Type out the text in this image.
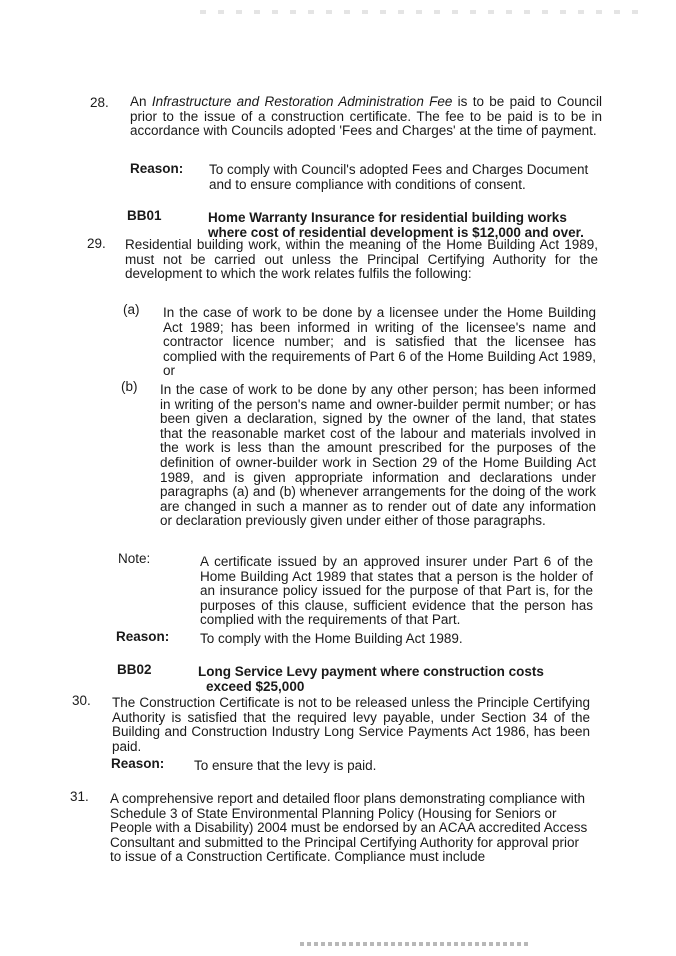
28. An Infrastructure and Restoration Administration Fee is to be paid to Council prior to the issue of a construction certificate. The fee to be paid is to be in accordance with Councils adopted 'Fees and Charges' at the time of payment.
Reason: To comply with Council's adopted Fees and Charges Document and to ensure compliance with conditions of consent.
BB01	Home Warranty Insurance for residential building works
where cost of residential development is $12,000 and over.
29. Residential building work, within the meaning of the Home Building Act 1989, must not be carried out unless the Principal Certifying Authority for the development to which the work relates fulfils the following:
(a) In the case of work to be done by a licensee under the Home Building Act 1989; has been informed in writing of the licensee's name and contractor licence number; and is satisfied that the licensee has complied with the requirements of Part 6 of the Home Building Act 1989, or
(b) In the case of work to be done by any other person; has been informed in writing of the person's name and owner-builder permit number; or has been given a declaration, signed by the owner of the land, that states that the reasonable market cost of the labour and materials involved in the work is less than the amount prescribed for the purposes of the definition of owner-builder work in Section 29 of the Home Building Act 1989, and is given appropriate information and declarations under paragraphs (a) and (b) whenever arrangements for the doing of the work are changed in such a manner as to render out of date any information or declaration previously given under either of those paragraphs.
Note:	A certificate issued by an approved insurer under Part 6 of the Home Building Act 1989 that states that a person is the holder of an insurance policy issued for the purpose of that Part is, for the purposes of this clause, sufficient evidence that the person has complied with the requirements of that Part.
Reason: To comply with the Home Building Act 1989.
BB02	Long Service Levy payment where construction costs
exceed $25,000
30. The Construction Certificate is not to be released unless the Principle Certifying Authority is satisfied that the required levy payable, under Section 34 of the Building and Construction Industry Long Service Payments Act 1986, has been paid.
Reason: To ensure that the levy is paid.
31. A comprehensive report and detailed floor plans demonstrating compliance with Schedule 3 of State Environmental Planning Policy (Housing for Seniors or People with a Disability) 2004 must be endorsed by an ACAA accredited Access Consultant and submitted to the Principal Certifying Authority for approval prior to issue of a Construction Certificate. Compliance must include
